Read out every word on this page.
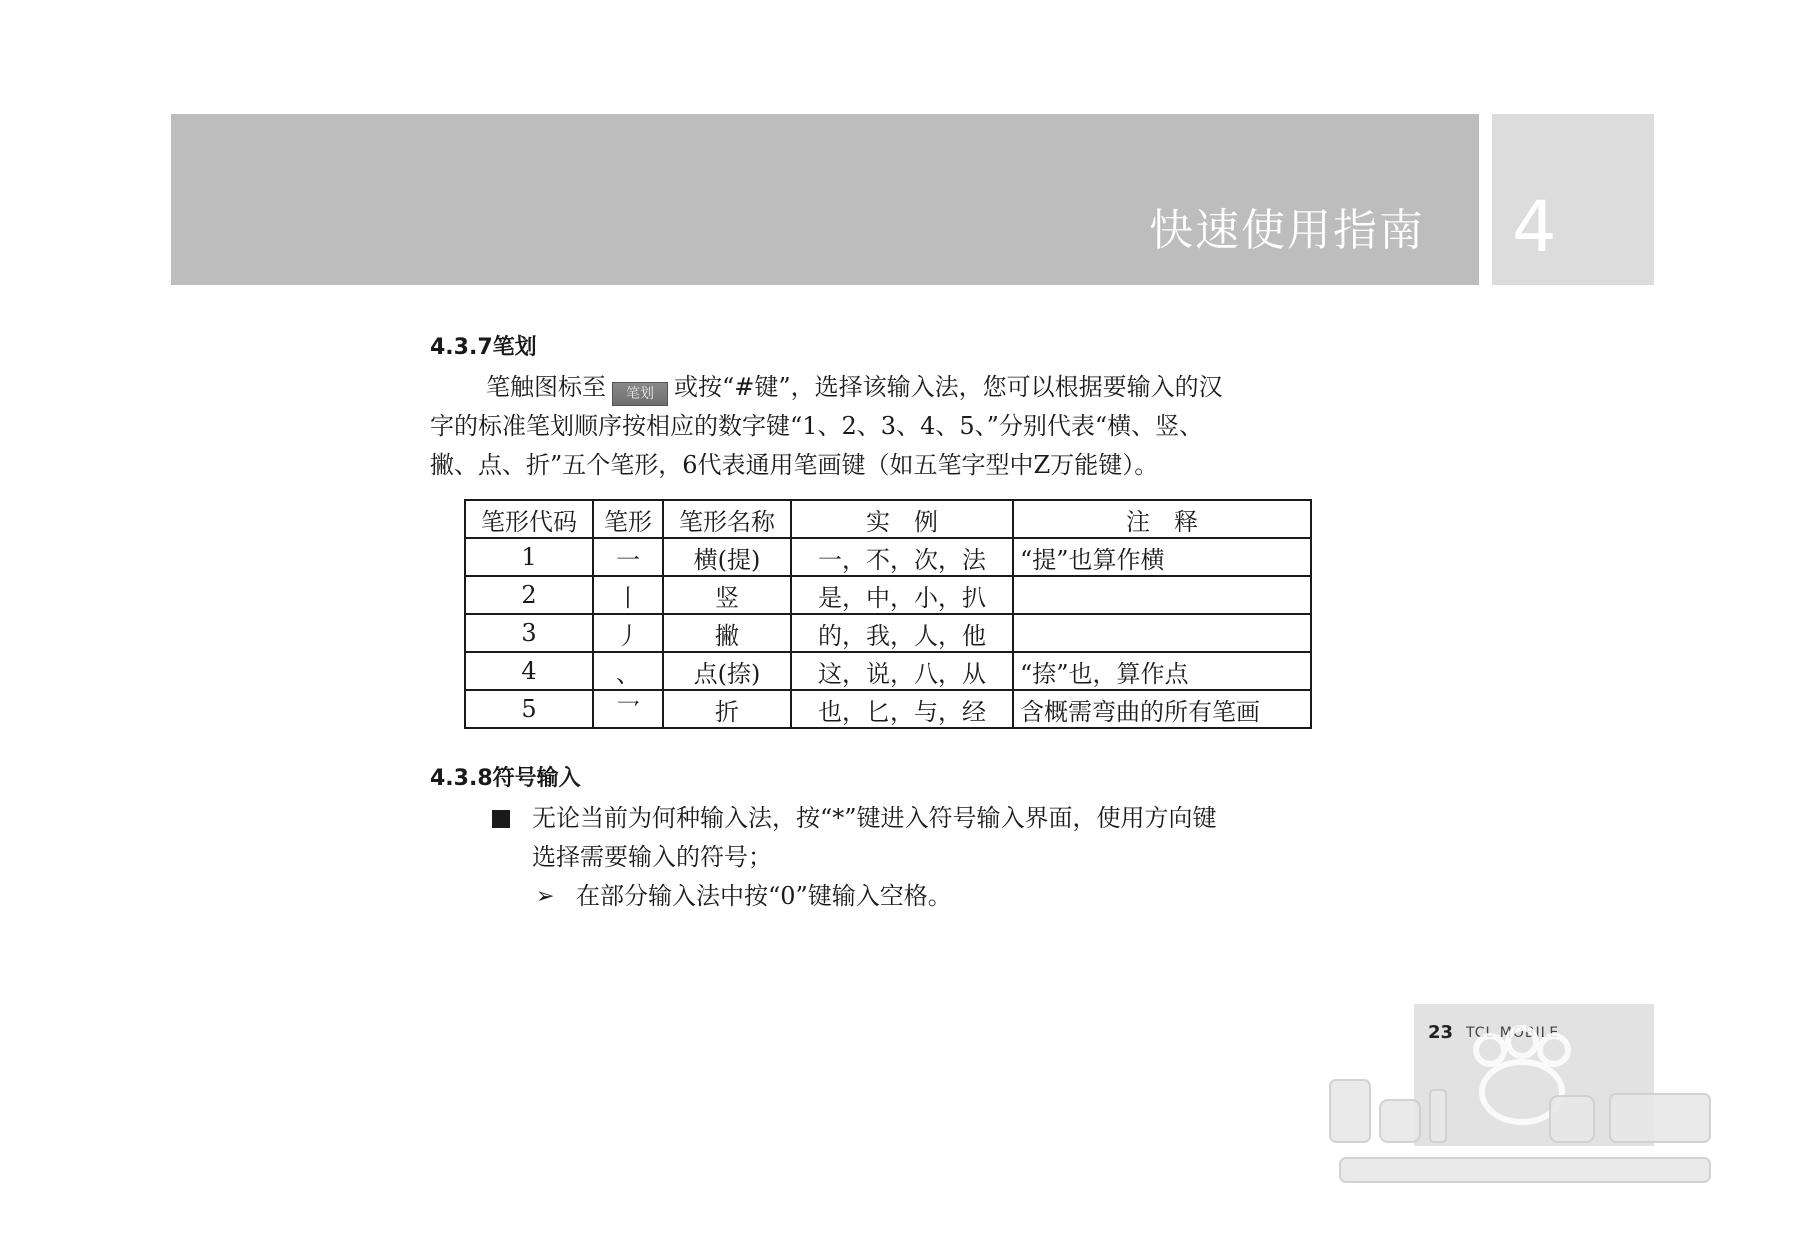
快速使用指南 4
4.3.7笔划

笔触图标至 笔划 或按“#键”，选择该输入法，您可以根据要输入的汉
字的标准笔划顺序按相应的数字键“1、2、3、4、5、”分别代表“横、竖、
撇、点、折”五个笔形，6代表通用笔画键（如五笔字型中Z万能键）。

笔形代码	笔形	笔形名称	实　例	注　释
1	一	横(提)	一，不，次，法	“提”也算作横
2	丨	竖	是，中，小，扒	
3	丿	撇	的，我，人，他	
4	、	点(捺)	这，说，八，从	“捺”也，算作点
5	乛	折	也，匕，与，经	含概需弯曲的所有笔画
4.3.8符号输入
无论当前为何种输入法，按“*”键进入符号输入界面，使用方向键
选择需要输入的符号；
➢ 在部分输入法中按“0”键输入空格。
23 TCL MOBILE
